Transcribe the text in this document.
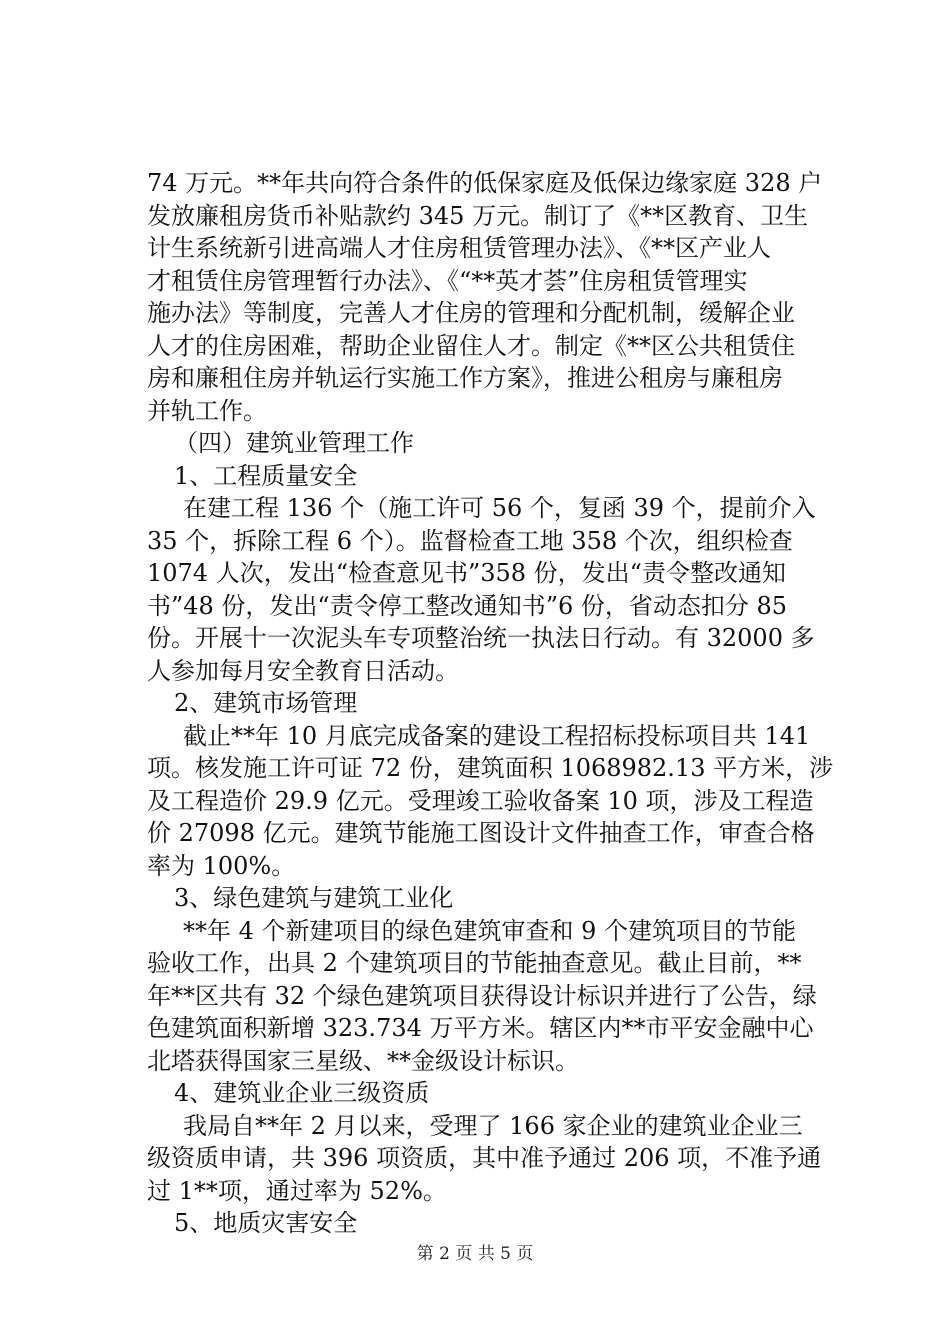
74 万元。**年共向符合条件的低保家庭及低保边缘家庭 328 户
发放廉租房货币补贴款约 345 万元。制订了《**区教育、卫生
计生系统新引进高端人才住房租赁管理办法》、《**区产业人
才租赁住房管理暂行办法》、《“**英才荟”住房租赁管理实
施办法》等制度，完善人才住房的管理和分配机制，缓解企业
人才的住房困难，帮助企业留住人才。制定《**区公共租赁住
房和廉租住房并轨运行实施工作方案》，推进公租房与廉租房
并轨工作。
（四）建筑业管理工作
1、工程质量安全
在建工程 136 个（施工许可 56 个，复函 39 个，提前介入
35 个，拆除工程 6 个）。监督检查工地 358 个次，组织检查
1074 人次，发出“检查意见书”358 份，发出“责令整改通知
书”48 份，发出“责令停工整改通知书”6 份，省动态扣分 85
份。开展十一次泥头车专项整治统一执法日行动。有 32000 多
人参加每月安全教育日活动。
2、建筑市场管理
截止**年 10 月底完成备案的建设工程招标投标项目共 141
项。核发施工许可证 72 份，建筑面积 1068982.13 平方米，涉
及工程造价 29.9 亿元。受理竣工验收备案 10 项，涉及工程造
价 27098 亿元。建筑节能施工图设计文件抽查工作，审查合格
率为 100%。
3、绿色建筑与建筑工业化
**年 4 个新建项目的绿色建筑审查和 9 个建筑项目的节能
验收工作，出具 2 个建筑项目的节能抽查意见。截止目前，**
年**区共有 32 个绿色建筑项目获得设计标识并进行了公告，绿
色建筑面积新增 323.734 万平方米。辖区内**市平安金融中心
北塔获得国家三星级、**金级设计标识。
4、建筑业企业三级资质
我局自**年 2 月以来，受理了 166 家企业的建筑业企业三
级资质申请，共 396 项资质，其中准予通过 206 项，不准予通
过 1**项，通过率为 52%。
5、地质灾害安全
第 2 页 共 5 页
